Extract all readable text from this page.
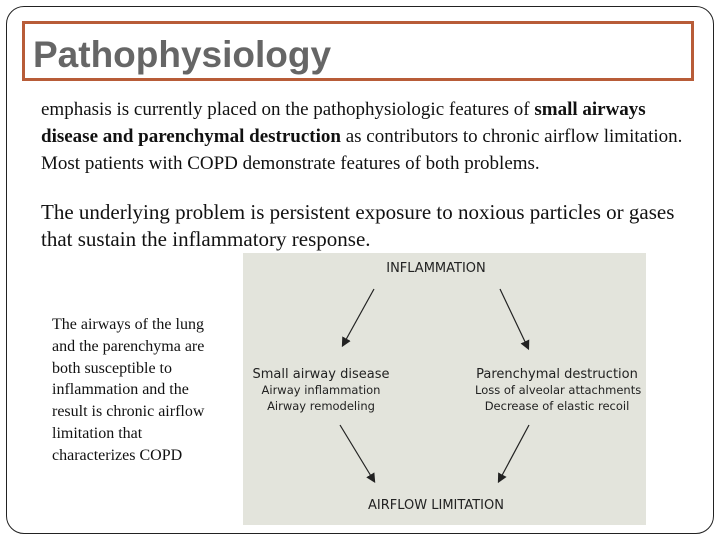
Pathophysiology
emphasis is currently placed on the pathophysiologic features of small airways disease and parenchymal destruction as contributors to chronic airflow limitation. Most patients with COPD demonstrate features of both problems.
The underlying problem is persistent exposure to noxious particles or gases that sustain the inflammatory response.
The airways of the lung and the parenchyma are both susceptible to inflammation and the result is chronic airflow limitation that characterizes COPD
INFLAMMATION
Small airway disease
Airway inflammation
Airway remodeling
Parenchymal destruction
Loss of alveolar attachments
Decrease of elastic recoil
AIRFLOW LIMITATION
